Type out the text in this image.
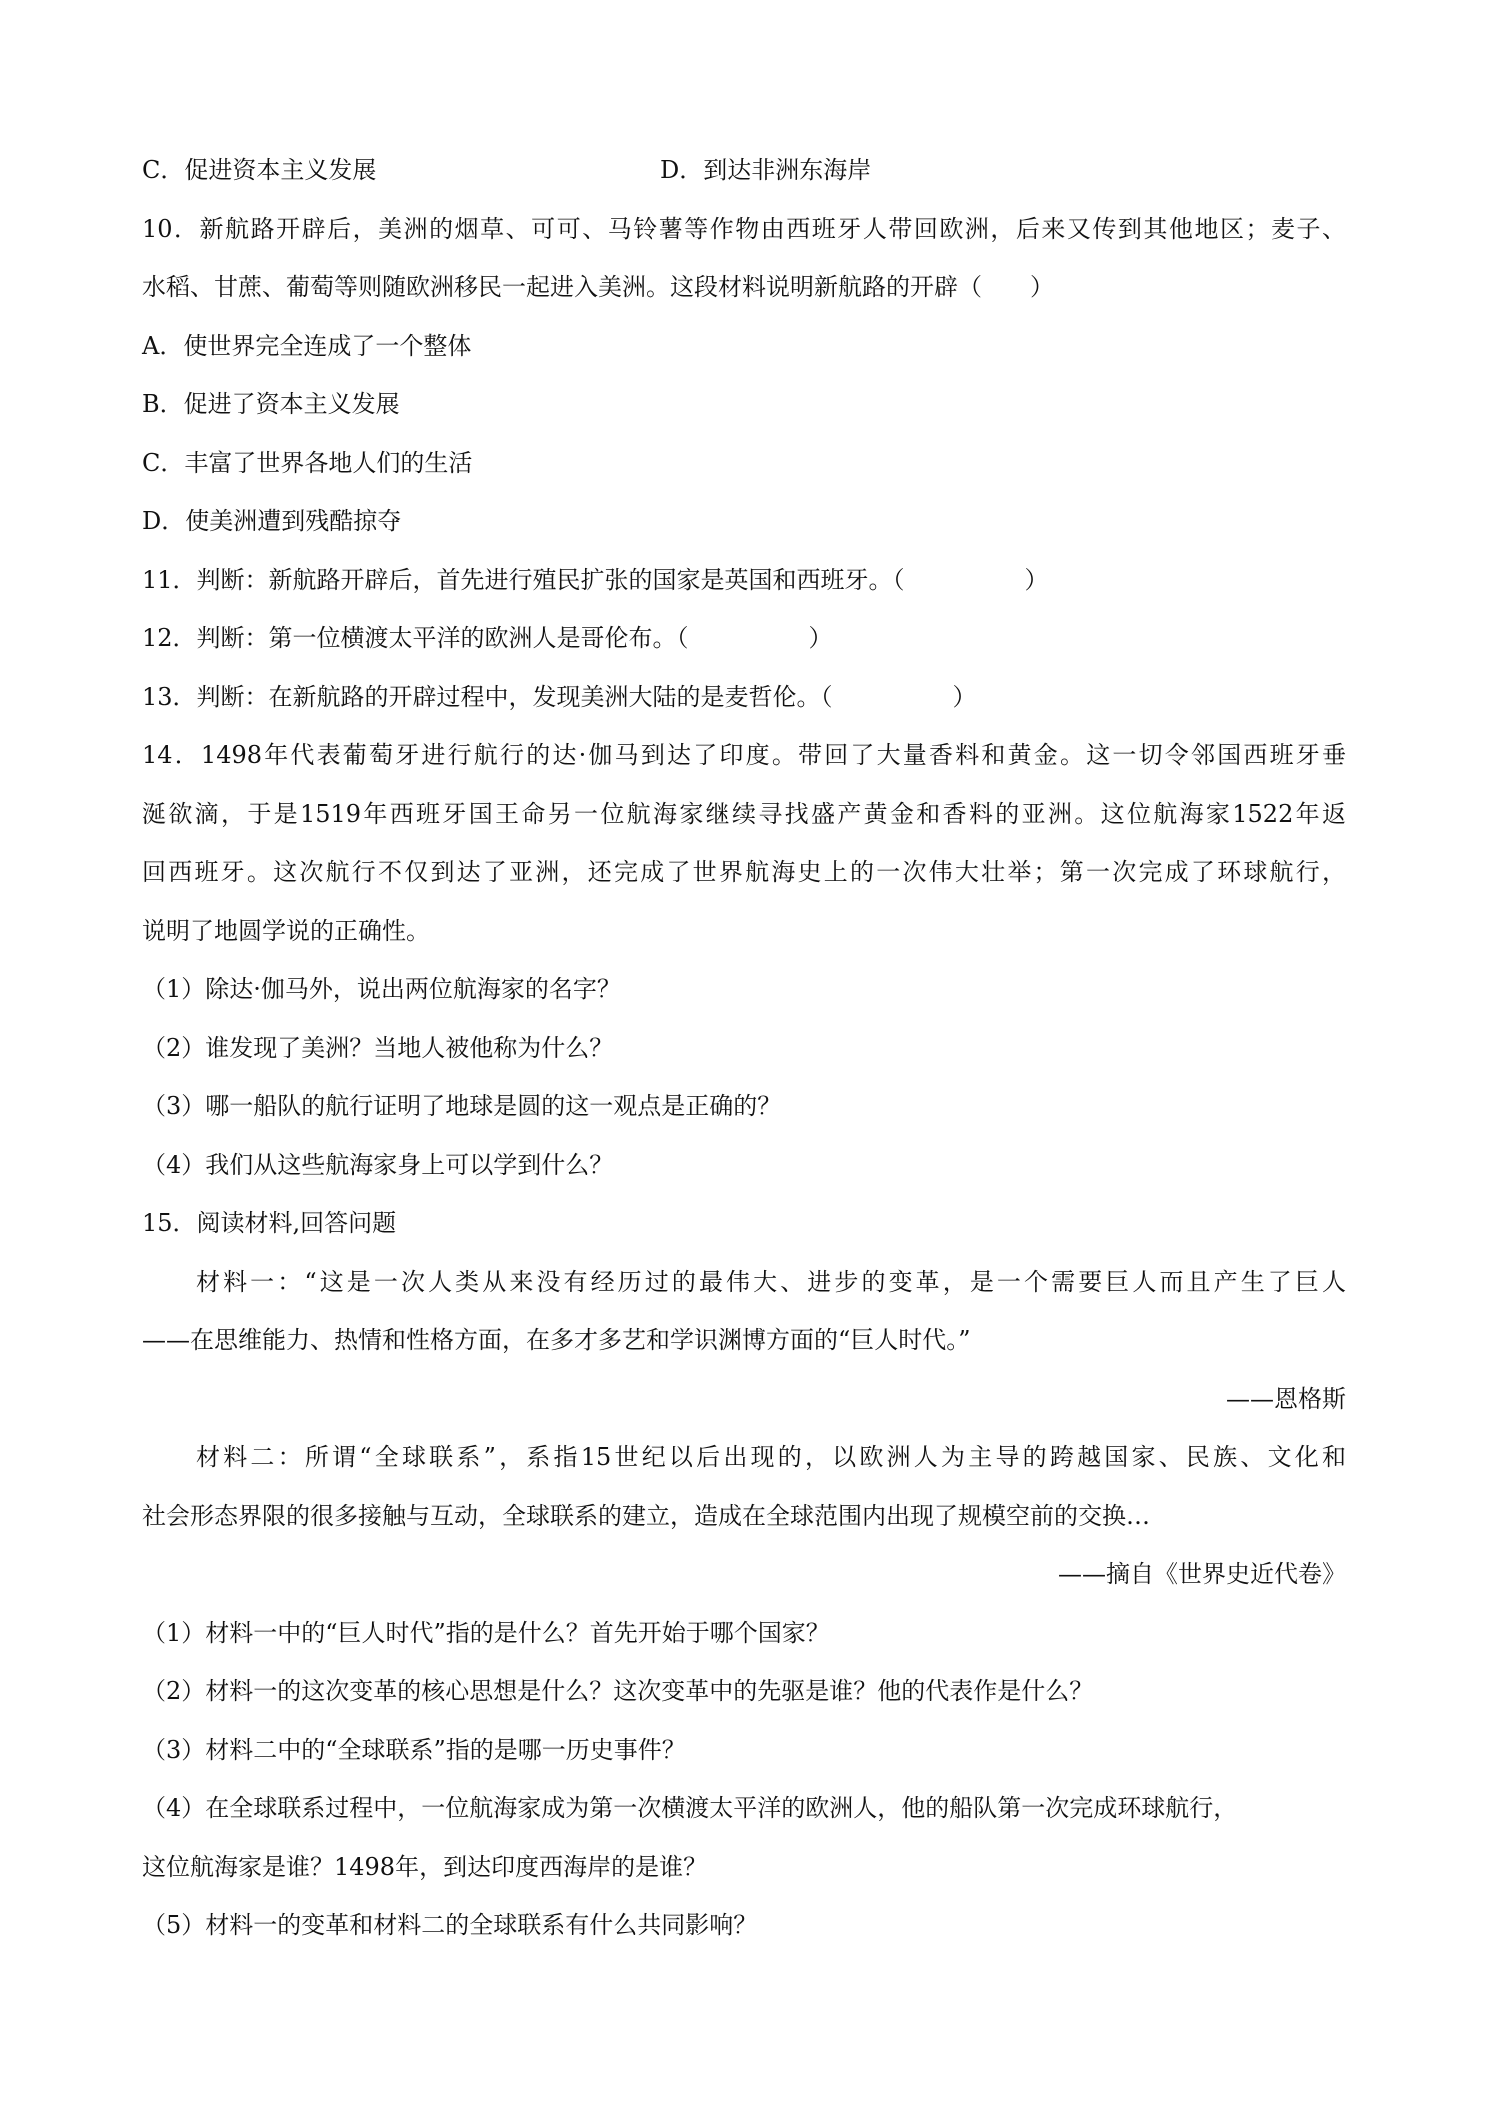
C．促进资本主义发展	D．到达非洲东海岸
10．新航路开辟后，美洲的烟草、可可、马铃薯等作物由西班牙人带回欧洲，后来又传到其他地区；麦子、
水稻、甘蔗、葡萄等则随欧洲移民一起进入美洲。这段材料说明新航路的开辟（　　）
A．使世界完全连成了一个整体
B．促进了资本主义发展
C．丰富了世界各地人们的生活
D．使美洲遭到残酷掠夺
11．判断：新航路开辟后，首先进行殖民扩张的国家是英国和西班牙。（　　　　　）
12．判断：第一位横渡太平洋的欧洲人是哥伦布。（　　　　　）
13．判断：在新航路的开辟过程中，发现美洲大陆的是麦哲伦。（　　　　　）
14．1498年代表葡萄牙进行航行的达·伽马到达了印度。带回了大量香料和黄金。这一切令邻国西班牙垂
涎欲滴，于是1519年西班牙国王命另一位航海家继续寻找盛产黄金和香料的亚洲。这位航海家1522年返
回西班牙。这次航行不仅到达了亚洲，还完成了世界航海史上的一次伟大壮举；第一次完成了环球航行，
说明了地圆学说的正确性。
（1）除达·伽马外，说出两位航海家的名字？
（2）谁发现了美洲？当地人被他称为什么？
（3）哪一船队的航行证明了地球是圆的这一观点是正确的？
（4）我们从这些航海家身上可以学到什么？
15．阅读材料,回答问题
材料一：“这是一次人类从来没有经历过的最伟大、进步的变革，是一个需要巨人而且产生了巨人
——在思维能力、热情和性格方面，在多才多艺和学识渊博方面的“巨人时代。”
——恩格斯
材料二：所谓“全球联系”，系指15世纪以后出现的，以欧洲人为主导的跨越国家、民族、文化和
社会形态界限的很多接触与互动，全球联系的建立，造成在全球范围内出现了规模空前的交换…
——摘自《世界史近代卷》
（1）材料一中的“巨人时代”指的是什么？首先开始于哪个国家？
（2）材料一的这次变革的核心思想是什么？这次变革中的先驱是谁？他的代表作是什么？
（3）材料二中的“全球联系”指的是哪一历史事件？
（4）在全球联系过程中，一位航海家成为第一次横渡太平洋的欧洲人，他的船队第一次完成环球航行，
这位航海家是谁？1498年，到达印度西海岸的是谁？
（5）材料一的变革和材料二的全球联系有什么共同影响？
